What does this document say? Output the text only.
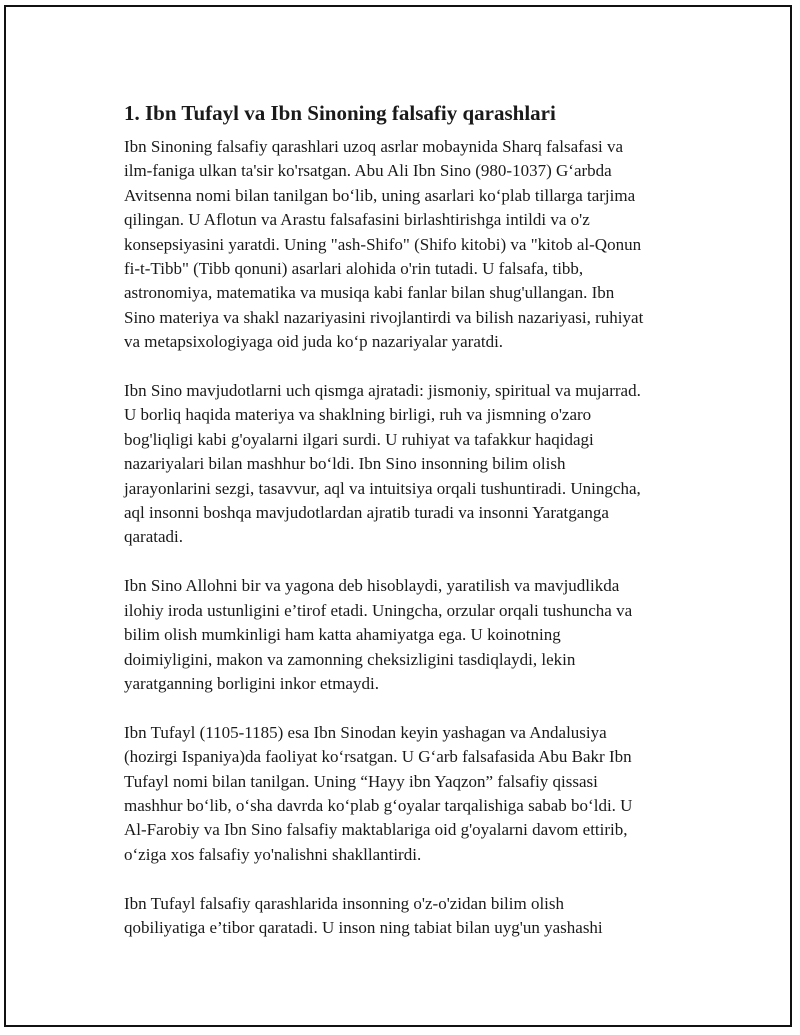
1. Ibn Tufayl va Ibn Sinoning falsafiy qarashlari
Ibn Sinoning falsafiy qarashlari uzoq asrlar mobaynida Sharq falsafasi va
ilm-faniga ulkan ta'sir ko'rsatgan. Abu Ali Ibn Sino (980-1037) G‘arbda
Avitsenna nomi bilan tanilgan bo‘lib, uning asarlari ko‘plab tillarga tarjima
qilingan. U Aflotun va Arastu falsafasini birlashtirishga intildi va o'z
konsepsiyasini yaratdi. Uning "ash-Shifo" (Shifo kitobi) va "kitob al-Qonun
fi-t-Tibb" (Tibb qonuni) asarlari alohida o'rin tutadi. U falsafa, tibb,
astronomiya, matematika va musiqa kabi fanlar bilan shug'ullangan. Ibn
Sino materiya va shakl nazariyasini rivojlantirdi va bilish nazariyasi, ruhiyat
va metapsixologiyaga oid juda ko‘p nazariyalar yaratdi.
Ibn Sino mavjudotlarni uch qismga ajratadi: jismoniy, spiritual va mujarrad.
U borliq haqida materiya va shaklning birligi, ruh va jismning o'zaro
bog'liqligi kabi g'oyalarni ilgari surdi. U ruhiyat va tafakkur haqidagi
nazariyalari bilan mashhur bo‘ldi. Ibn Sino insonning bilim olish
jarayonlarini sezgi, tasavvur, aql va intuitsiya orqali tushuntiradi. Uningcha,
aql insonni boshqa mavjudotlardan ajratib turadi va insonni Yaratganga
qaratadi.
Ibn Sino Allohni bir va yagona deb hisoblaydi, yaratilish va mavjudlikda
ilohiy iroda ustunligini e’tirof etadi. Uningcha, orzular orqali tushuncha va
bilim olish mumkinligi ham katta ahamiyatga ega. U koinotning
doimiyligini, makon va zamonning cheksizligini tasdiqlaydi, lekin
yaratganning borligini inkor etmaydi.
Ibn Tufayl (1105-1185) esa Ibn Sinodan keyin yashagan va Andalusiya
(hozirgi Ispaniya)da faoliyat ko‘rsatgan. U G‘arb falsafasida Abu Bakr Ibn
Tufayl nomi bilan tanilgan. Uning “Hayy ibn Yaqzon” falsafiy qissasi
mashhur bo‘lib, o‘sha davrda ko‘plab g‘oyalar tarqalishiga sabab bo‘ldi. U
Al-Farobiy va Ibn Sino falsafiy maktablariga oid g'oyalarni davom ettirib,
o‘ziga xos falsafiy yo'nalishni shakllantirdi.
Ibn Tufayl falsafiy qarashlarida insonning o'z-o'zidan bilim olish
qobiliyatiga e’tibor qaratadi. U inson ning tabiat bilan uyg'un yashashi
